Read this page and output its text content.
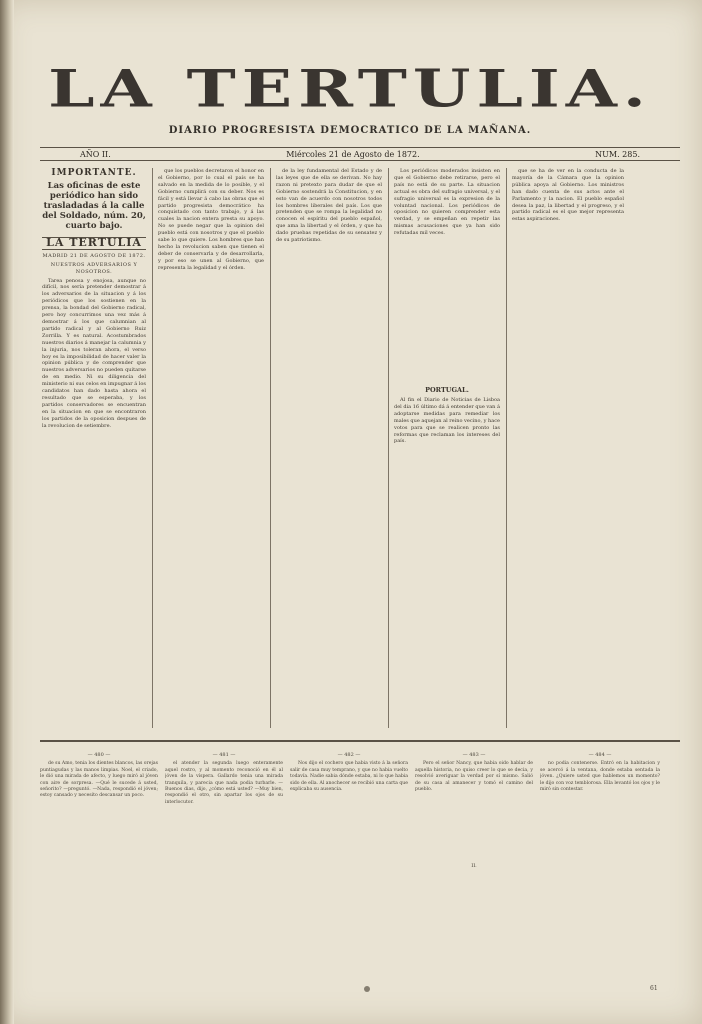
LA TERTULIA.
DIARIO PROGRESISTA DEMOCRATICO DE LA MAÑANA.
AÑO II.	Miércoles 21 de Agosto de 1872.	NUM. 285.
IMPORTANTE.
Las oficinas de este periódico han sido trasladadas á la calle del Soldado, núm. 20, cuarto bajo.
LA TERTULIA
MADRID 21 DE AGOSTO DE 1872.
NUESTROS ADVERSARIOS Y NOSOTROS.

Tarea penosa y enojosa, aunque no difícil, nos sería pretender demostrar á los adversarios de la situacion y á los periódicos que los sostienen en la prensa, la bondad del Gobierno radical, pero hoy concurrimos una vez más á demostrar á los que calumnian al partido radical y al Gobierno Ruiz Zorrilla. Y es natural. Acostumbrados nuestros diarios á manejar la calumnia y la injuria, nos toleran ahora, el verso hoy es la imposibilidad de hacer valer la opinion pública y de comprender que nuestros adversarios no pueden quitarse de en medio. Ni su diligencia del ministerio ni sus celos en impugnar á los candidatos han dado hasta ahora el resultado que se esperaba, y los partidos conservadores se encuentran en la situacion en que se encontraron los partidos de la oposicion despues de la revolucion de setiembre.

que los pueblos decretaron el honor en el Gobierno, por lo cual el país se ha salvado en la medida de lo posible, y el Gobierno cumplirá con su deber. Nos es fácil y está llevar á cabo las obras que el partido progresista democrático ha conquistado con tanto trabajo, y á las cuales la nacion entera presta su apoyo. No se puede negar que la opinion del pueblo está con nosotros y que el pueblo sabe lo que quiere. Los hombres que han hecho la revolucion saben que tienen el deber de conservarla y de desarrollarla, y por eso se unen al Gobierno, que representa la legalidad y el órden.

de la ley fundamental del Estado y de las leyes que de ella se derivan. No hay razon ni pretexto para dudar de que el Gobierno sostendrá la Constitucion, y en esto van de acuerdo con nosotros todos los hombres liberales del país. Los que pretenden que se rompa la legalidad no conocen el espíritu del pueblo español, que ama la libertad y el órden, y que ha dado pruebas repetidas de su sensatez y de su patriotismo.

Los periódicos moderados insisten en que el Gobierno debe retirarse, pero el país no está de su parte. La situacion actual es obra del sufragio universal, y el sufragio universal es la expresion de la voluntad nacional. Los periódicos de oposicion no quieren comprender esta verdad, y se empeñan en repetir las mismas acusaciones que ya han sido refutadas mil veces.

PORTUGAL.

Al fin el Diario de Noticias de Lisboa del dia 16 último dá á entender que van á adoptarse medidas para remediar los males que aquejan al reino vecino, y hace votos para que se realicen pronto las reformas que reclaman los intereses del país.

que se ha de ver en la conducta de la mayoría de la Cámara que la opinion pública apoya al Gobierno. Los ministros han dado cuenta de sus actos ante el Parlamento y la nacion. El pueblo español desea la paz, la libertad y el progreso, y el partido radical es el que mejor representa estas aspiraciones.

— 480 —

de su Amo, tenia los dientes blancos, las orejas puntiagudas y las manos limpias. Noel, el criado, le dió una mirada de afecto, y luego miró al jóven con aire de sorpresa. —Qué le sucede á usted, señorito? —preguntó. —Nada, respondió el jóven; estoy cansado y necesito descansar un poco.

— 481 —

el atender la segunda luego enteramente aquel rostro, y al momento reconoció en él al jóven de la víspera. Gallardo tenia una mirada tranquila, y parecia que nada podia turbarle. —Buenos dias, dijo, ¿cómo está usted? —Muy bien, respondió el otro, sin apartar los ojos de su interlocutor.

— 482 —

Nos dijo el cochero que habia visto á la señora salir de casa muy temprano, y que no habia vuelto todavía. Nadie sabia dónde estaba, ni lo que habia sido de ella. Al anochecer se recibió una carta que explicaba su ausencia.

— 483 —

Pero el señor Nancy, que habia oido hablar de aquella historia, no quiso creer lo que se decia, y resolvió averiguar la verdad por sí mismo. Salió de su casa al amanecer y tomó el camino del pueblo.

II.
— 484 —

no podia contenerse. Entró en la habitacion y se acercó á la ventana, donde estaba sentada la jóven. ¿Quiere usted que hablemos un momento? le dijo con voz temblorosa. Ella levantó los ojos y le miró sin contestar.

61
